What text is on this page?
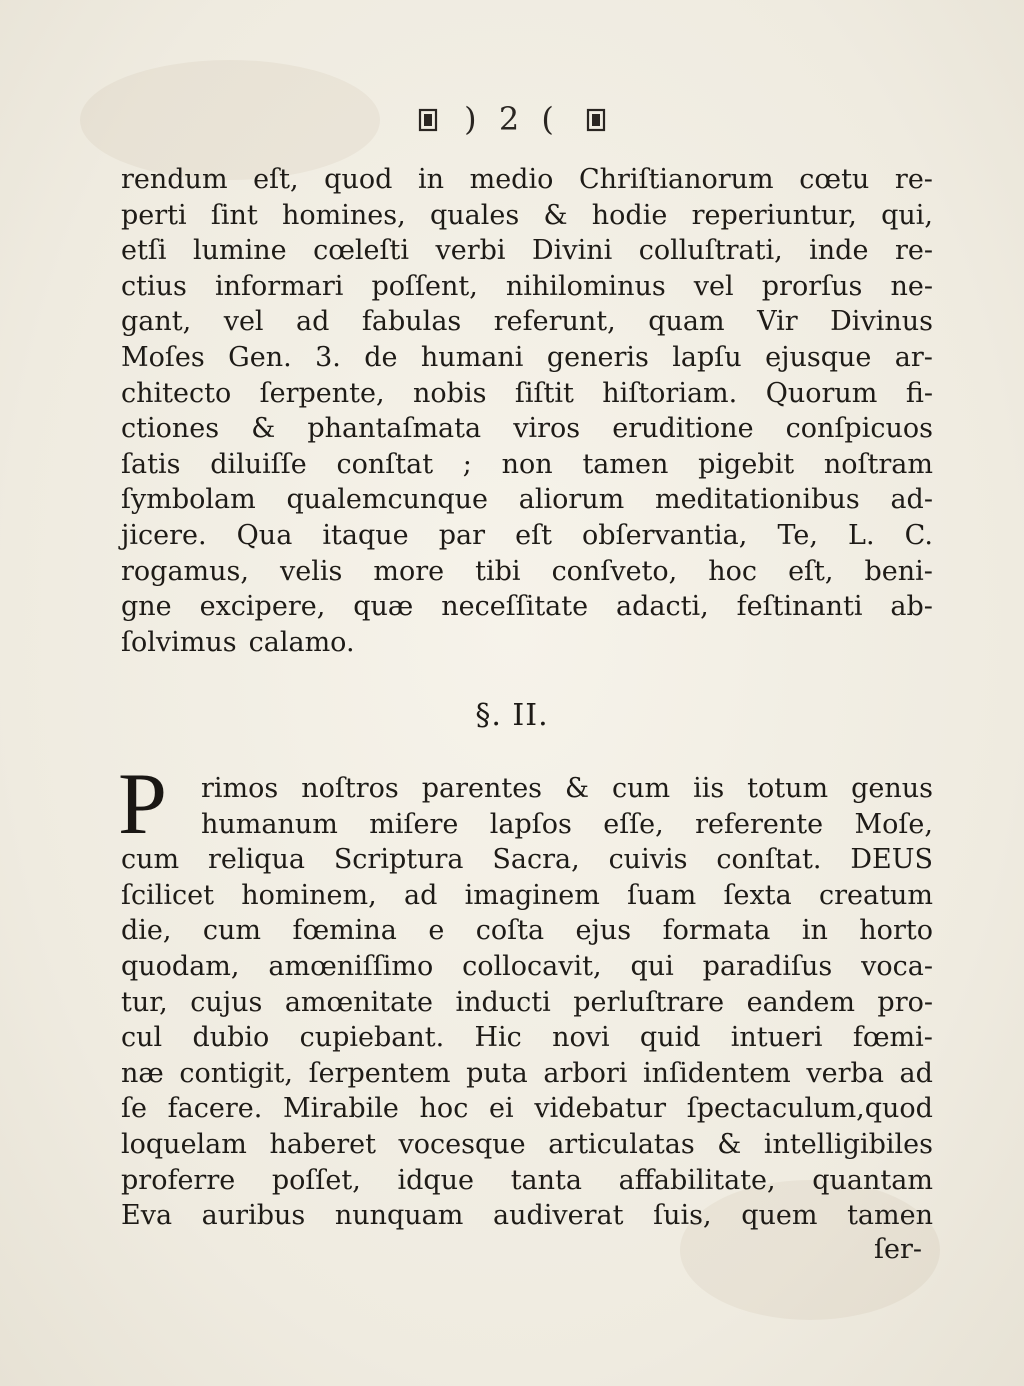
) 2 (
rendum eſt, quod in medio Chriſtianorum cœtu re-
perti ſint homines, quales & hodie reperiuntur, qui,
etſi lumine cœleſti verbi Divini colluſtrati, inde re-
ctius informari poſſent, nihilominus vel prorſus ne-
gant, vel ad fabulas referunt, quam Vir Divinus
Moſes Gen. 3. de humani generis lapſu ejusque ar-
chitecto ſerpente, nobis ſiſtit hiſtoriam. Quorum fi-
ctiones & phantaſmata viros eruditione conſpicuos
ſatis diluiſſe conſtat ; non tamen pigebit noſtram
ſymbolam qualemcunque aliorum meditationibus ad-
jicere. Qua itaque par eſt obſervantia, Te, L. C.
rogamus, velis more tibi conſveto, hoc eſt, beni-
gne excipere, quæ neceſſitate adacti, feſtinanti ab-
ſolvimus calamo.
§. II.
P rimos noſtros parentes & cum iis totum genus
humanum miſere lapſos eſſe, referente Moſe,
cum reliqua Scriptura Sacra, cuivis conſtat. DEUS
ſcilicet hominem, ad imaginem ſuam ſexta creatum
die, cum fœmina e coſta ejus formata in horto
quodam, amœniſſimo collocavit, qui paradiſus voca-
tur, cujus amœnitate inducti perluſtrare eandem pro-
cul dubio cupiebant. Hic novi quid intueri fœmi-
næ contigit, ſerpentem puta arbori inſidentem verba ad
ſe facere. Mirabile hoc ei videbatur ſpectaculum,quod
loquelam haberet vocesque articulatas & intelligibiles
proferre poſſet, idque tanta affabilitate, quantam
Eva auribus nunquam audiverat ſuis, quem tamen
ſer-
